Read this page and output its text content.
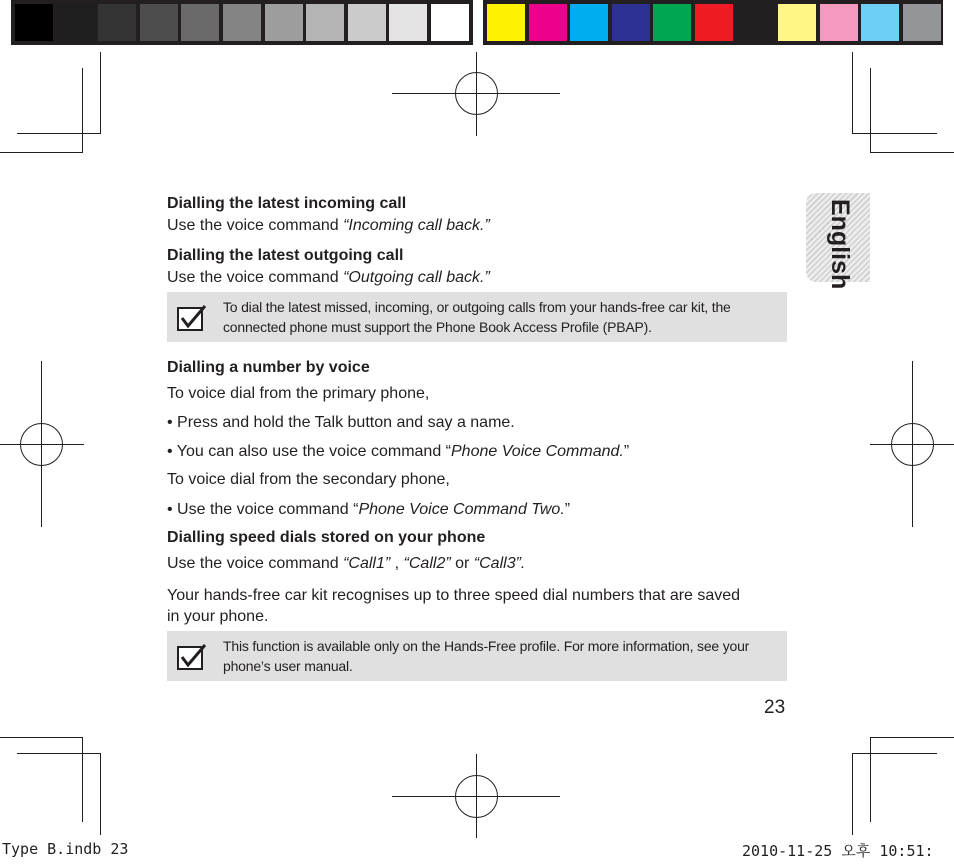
English
Dialling the latest incoming call
Use the voice command “Incoming call back.”
Dialling the latest outgoing call
Use the voice command “Outgoing call back.”
To dial the latest missed, incoming, or outgoing calls from your hands-free car kit, the connected phone must support the Phone Book Access Profile (PBAP).
Dialling a number by voice
To voice dial from the primary phone,
• Press and hold the Talk button and say a name.
• You can also use the voice command “Phone Voice Command.”
To voice dial from the secondary phone,
• Use the voice command “Phone Voice Command Two.”
Dialling speed dials stored on your phone
Use the voice command “Call1” , “Call2” or “Call3”.
Your hands-free car kit recognises up to three speed dial numbers that are saved
in your phone.
This function is available only on the Hands-Free profile. For more information, see your phone’s user manual.
23
Type B.indb 23	2010-11-25 오후 10:51:
